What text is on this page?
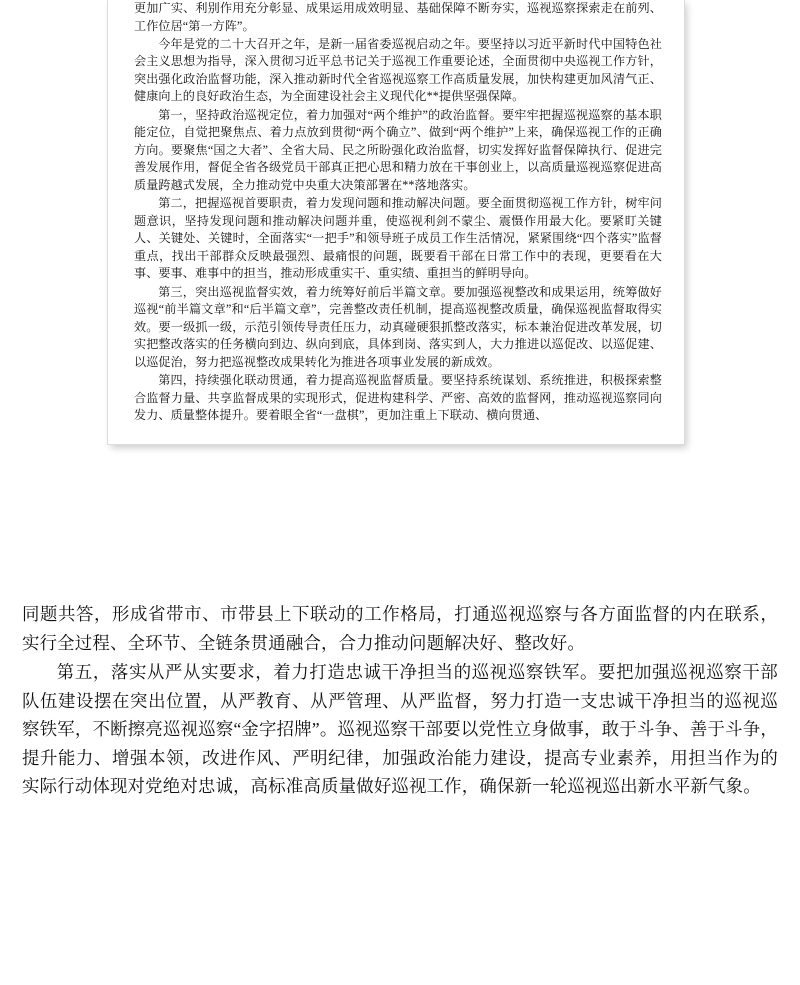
更加广实、利别作用充分彰显、成果运用成效明显、基础保障不断夯实，巡视巡察探索走在前列、工作位居“第一方阵”。

今年是党的二十大召开之年，是新一届省委巡视启动之年。要坚持以习近平新时代中国特色社会主义思想为指导，深入贯彻习近平总书记关于巡视工作重要论述，全面贯彻中央巡视工作方针，突出强化政治监督功能，深入推动新时代全省巡视巡察工作高质量发展，加快构建更加风清气正、健康向上的良好政治生态，为全面建设社会主义现代化**提供坚强保障。

第一，坚持政治巡视定位，着力加强对“两个维护”的政治监督。要牢牢把握巡视巡察的基本职能定位，自觉把聚焦点、着力点放到贯彻“两个确立”、做到“两个维护”上来，确保巡视工作的正确方向。要聚焦“国之大者”、全省大局、民之所盼强化政治监督，切实发挥好监督保障执行、促进完善发展作用，督促全省各级党员干部真正把心思和精力放在干事创业上，以高质量巡视巡察促进高质量跨越式发展，全力推动党中央重大决策部署在**落地落实。

第二，把握巡视首要职责，着力发现问题和推动解决问题。要全面贯彻巡视工作方针，树牢问题意识，坚持发现问题和推动解决问题并重，使巡视利剑不蒙尘、震慑作用最大化。要紧盯关键人、关键处、关键时，全面落实“一把手”和领导班子成员工作生活情况，紧紧围绕“四个落实”监督重点，找出干部群众反映最强烈、最痛恨的问题，既要看干部在日常工作中的表现，更要看在大事、要事、难事中的担当，推动形成重实干、重实绩、重担当的鲜明导向。

第三，突出巡视监督实效，着力统筹好前后半篇文章。要加强巡视整改和成果运用，统筹做好巡视“前半篇文章”和“后半篇文章”，完善整改责任机制，提高巡视整改质量，确保巡视监督取得实效。要一级抓一级，示范引领传导责任压力，动真碰硬狠抓整改落实，标本兼治促进改革发展，切实把整改落实的任务横向到边、纵向到底，具体到岗、落实到人，大力推进以巡促改、以巡促建、以巡促治，努力把巡视整改成果转化为推进各项事业发展的新成效。

第四，持续强化联动贯通，着力提高巡视监督质量。要坚持系统谋划、系统推进，积极探索整合监督力量、共享监督成果的实现形式，促进构建科学、严密、高效的监督网，推动巡视巡察同向发力、质量整体提升。要着眼全省“一盘棋”，更加注重上下联动、横向贯通、

同题共答，形成省带市、市带县上下联动的工作格局，打通巡视巡察与各方面监督的内在联系，实行全过程、全环节、全链条贯通融合，合力推动问题解决好、整改好。

第五，落实从严从实要求，着力打造忠诚干净担当的巡视巡察铁军。要把加强巡视巡察干部队伍建设摆在突出位置，从严教育、从严管理、从严监督，努力打造一支忠诚干净担当的巡视巡察铁军，不断擦亮巡视巡察“金字招牌”。巡视巡察干部要以党性立身做事，敢于斗争、善于斗争，提升能力、增强本领，改进作风、严明纪律，加强政治能力建设，提高专业素养，用担当作为的实际行动体现对党绝对忠诚，高标准高质量做好巡视工作，确保新一轮巡视巡出新水平新气象。
